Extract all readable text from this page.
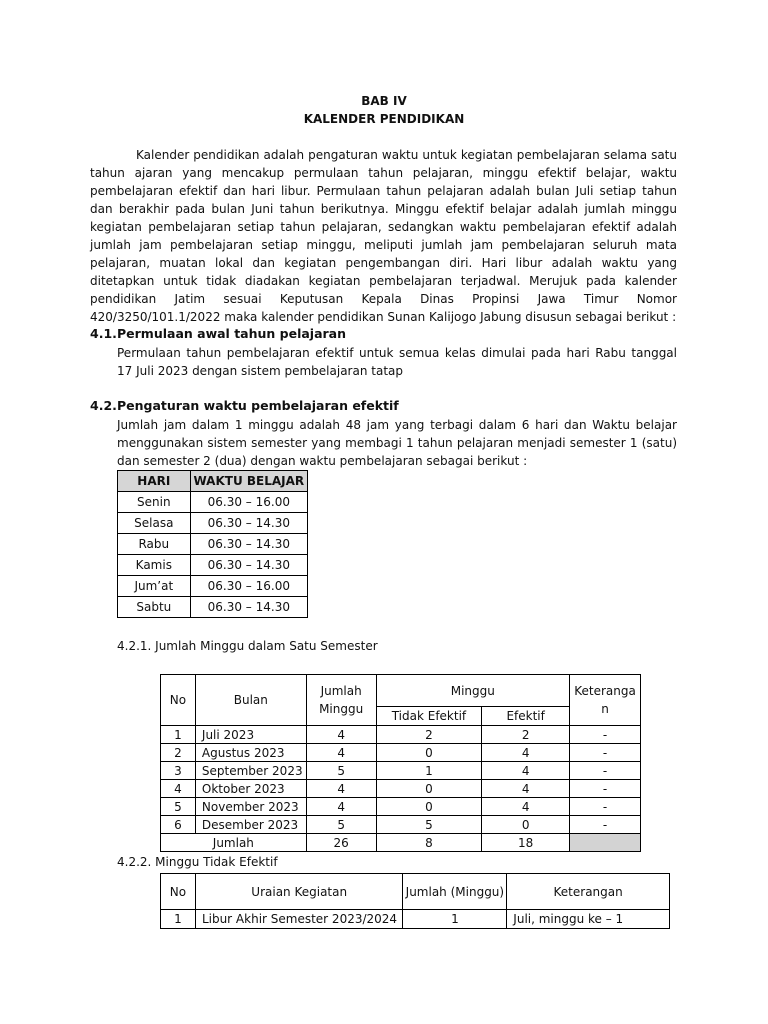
BAB IV
KALENDER PENDIDIKAN

Kalender pendidikan adalah pengaturan waktu untuk kegiatan pembelajaran selama satu tahun ajaran yang mencakup permulaan tahun pelajaran, minggu efektif belajar, waktu pembelajaran efektif dan hari libur. Permulaan tahun pelajaran adalah bulan Juli setiap tahun dan berakhir pada bulan Juni tahun berikutnya. Minggu efektif belajar adalah jumlah minggu kegiatan pembelajaran setiap tahun pelajaran, sedangkan waktu pembelajaran efektif adalah jumlah jam pembelajaran setiap minggu, meliputi jumlah jam pembelajaran seluruh mata pelajaran, muatan lokal dan kegiatan pengembangan diri. Hari libur adalah waktu yang ditetapkan untuk tidak diadakan kegiatan pembelajaran terjadwal. Merujuk pada kalender pendidikan Jatim sesuai Keputusan Kepala Dinas Propinsi Jawa Timur Nomor 420/3250/101.1/2022 maka kalender pendidikan Sunan Kalijogo Jabung disusun sebagai berikut :

4.1.Permulaan awal tahun pelajaran

Permulaan tahun pembelajaran efektif untuk semua kelas dimulai pada hari Rabu tanggal 17 Juli 2023 dengan sistem pembelajaran tatap

4.2.Pengaturan waktu pembelajaran efektif

Jumlah jam dalam 1 minggu adalah 48 jam yang terbagi dalam 6 hari dan Waktu belajar menggunakan sistem semester yang membagi 1 tahun pelajaran menjadi semester 1 (satu) dan semester 2 (dua) dengan waktu pembelajaran sebagai berikut :

HARI	WAKTU BELAJAR
Senin	06.30 – 16.00
Selasa	06.30 – 14.30
Rabu	06.30 – 14.30
Kamis	06.30 – 14.30
Jum’at	06.30 – 16.00
Sabtu	06.30 – 14.30
4.2.1. Jumlah Minggu dalam Satu Semester
No	Bulan	Jumlah Minggu	Minggu		Keteranga
n
			Tidak Efektif	Efektif	
1	Juli 2023	4	2	2	-
2	Agustus 2023	4	0	4	-
3	September 2023	5	1	4	-
4	Oktober 2023	4	0	4	-
5	November 2023	4	0	4	-
6	Desember 2023	5	5	0	-
Jumlah		26	8	18	
4.2.2. Minggu Tidak Efektif
No	Uraian Kegiatan	Jumlah (Minggu)	Keterangan
1	Libur Akhir Semester 2023/2024	1	Juli, minggu ke – 1
